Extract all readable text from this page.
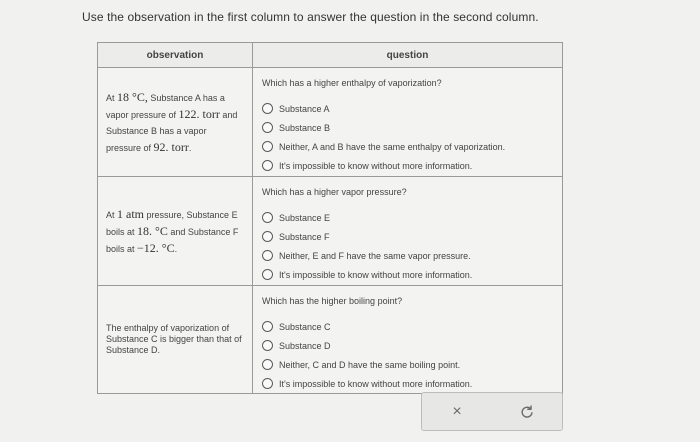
Use the observation in the first column to answer the question in the second column.
observation	question
At 18 °C, Substance A has a vapor pressure of 122. torr and Substance B has a vapor pressure of 92. torr.	Which has a higher enthalpy of vaporization?
Substance A
Substance B
Neither, A and B have the same enthalpy of vaporization.
It's impossible to know without more information.

At 1 atm pressure, Substance E boils at 18. °C and Substance F boils at −12. °C.	Which has a higher vapor pressure?
Substance E
Substance F
Neither, E and F have the same vapor pressure.
It's impossible to know without more information.

The enthalpy of vaporization of Substance C is bigger than that of Substance D.	Which has the higher boiling point?
Substance C
Substance D
Neither, C and D have the same boiling point.
It's impossible to know without more information.
×
